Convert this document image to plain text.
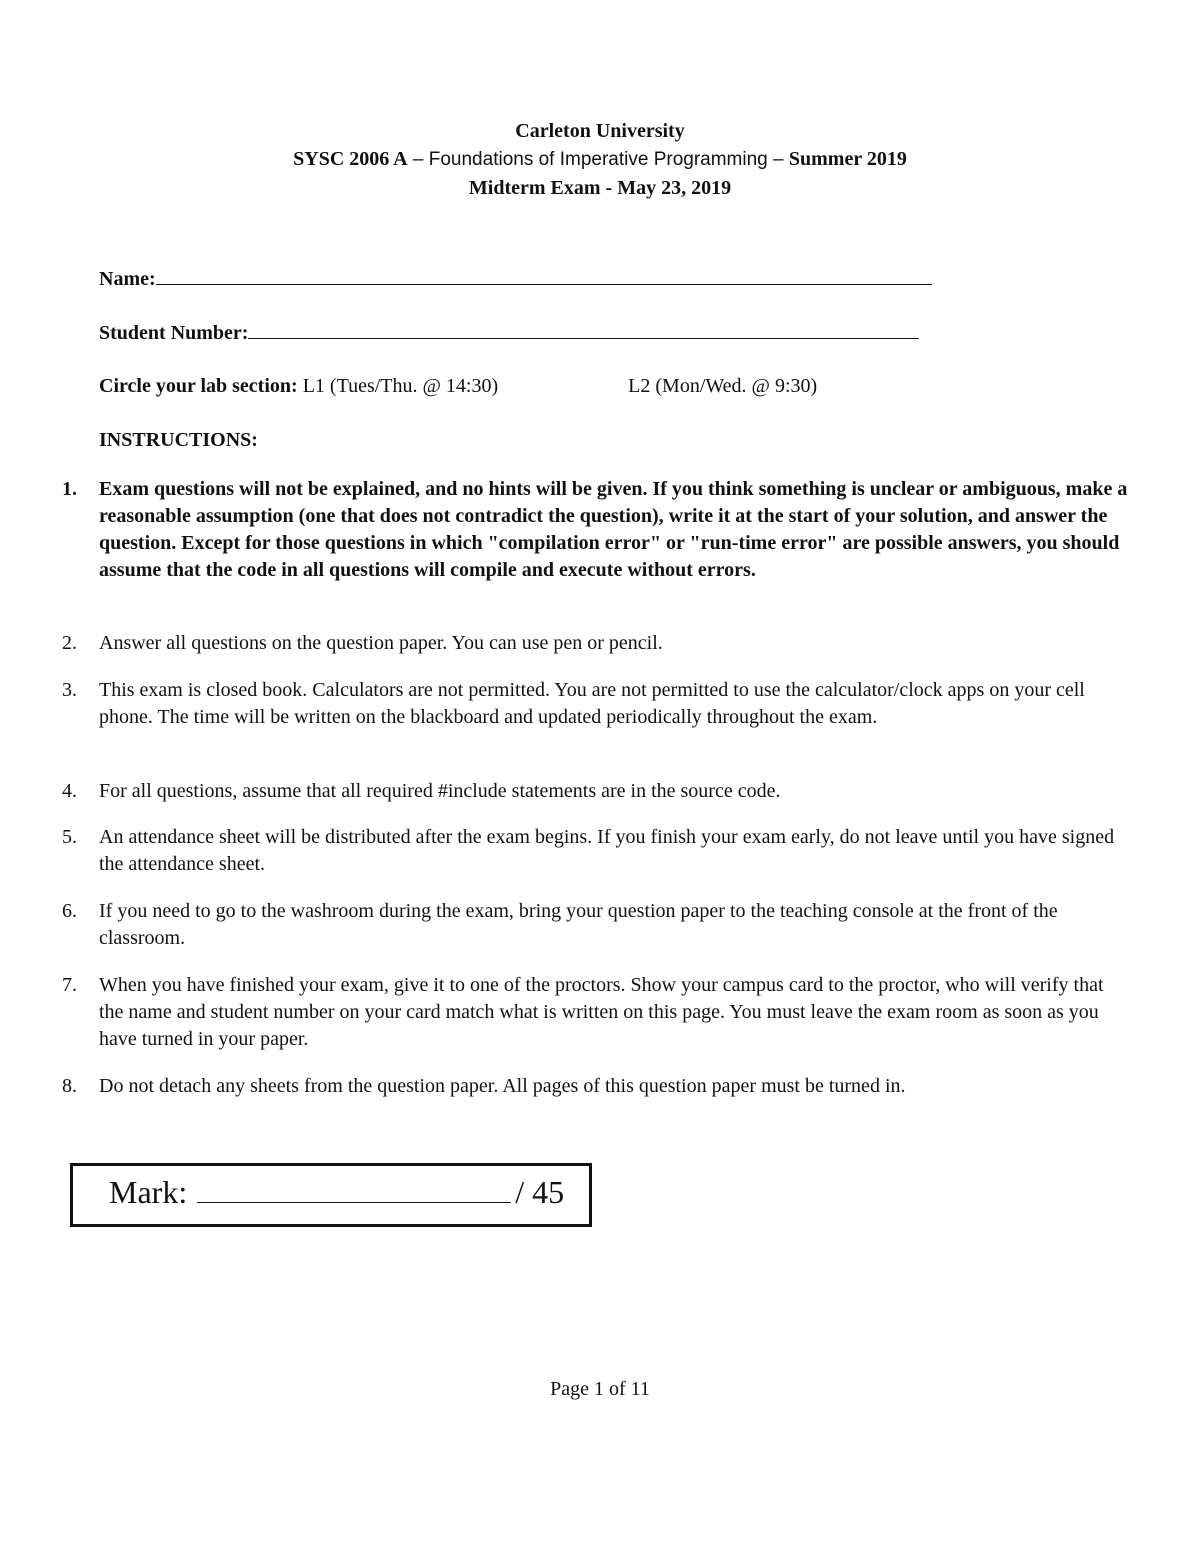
Carleton University
SYSC 2006 A – Foundations of Imperative Programming – Summer 2019
Midterm Exam - May 23, 2019
Name:
Student Number:
Circle your lab section: L1 (Tues/Thu. @ 14:30)	L2 (Mon/Wed. @ 9:30)
INSTRUCTIONS:
1.	Exam questions will not be explained, and no hints will be given. If you think something is unclear or ambiguous, make a reasonable assumption (one that does not contradict the question), write it at the start of your solution, and answer the question. Except for those questions in which "compilation error" or "run-time error" are possible answers, you should assume that the code in all questions will compile and execute without errors.
2.	Answer all questions on the question paper. You can use pen or pencil.
3.	This exam is closed book. Calculators are not permitted. You are not permitted to use the calculator/clock apps on your cell phone. The time will be written on the blackboard and updated periodically throughout the exam.
4.	For all questions, assume that all required #include statements are in the source code.
5.	An attendance sheet will be distributed after the exam begins. If you finish your exam early, do not leave until you have signed the attendance sheet.
6.	If you need to go to the washroom during the exam, bring your question paper to the teaching console at the front of the classroom.
7.	When you have finished your exam, give it to one of the proctors. Show your campus card to the proctor, who will verify that the name and student number on your card match what is written on this page. You must leave the exam room as soon as you have turned in your paper.
8.	Do not detach any sheets from the question paper. All pages of this question paper must be turned in.
Mark:	/ 45
Page 1 of 11
